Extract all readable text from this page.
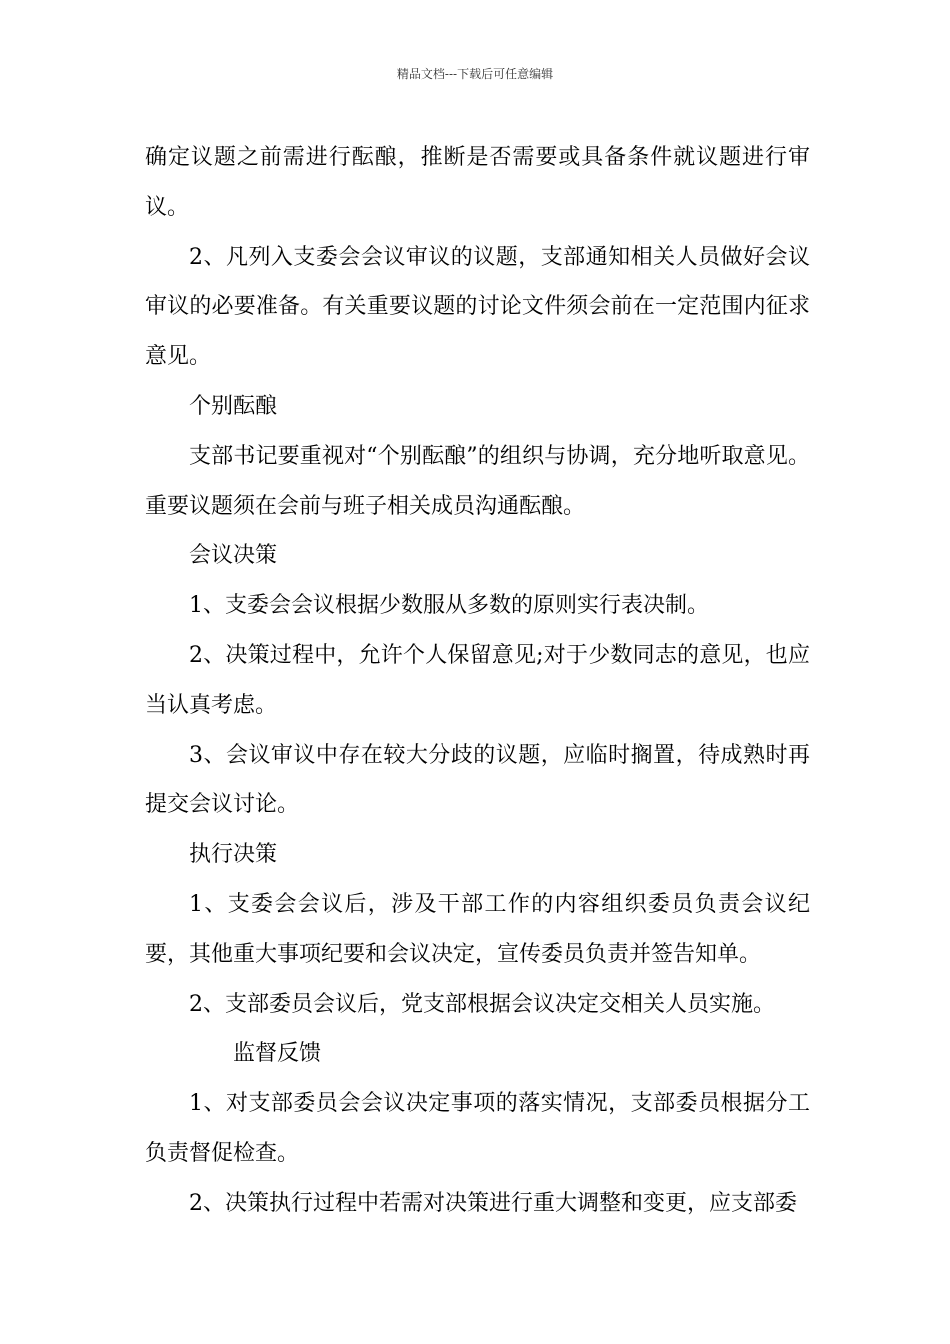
精品文档---下载后可任意编辑

确定议题之前需进行酝酿，推断是否需要或具备条件就议题进行审议。

2、凡列入支委会会议审议的议题，支部通知相关人员做好会议审议的必要准备。有关重要议题的讨论文件须会前在一定范围内征求意见。

个别酝酿

支部书记要重视对“个别酝酿”的组织与协调，充分地听取意见。重要议题须在会前与班子相关成员沟通酝酿。

会议决策

1、支委会会议根据少数服从多数的原则实行表决制。

2、决策过程中，允许个人保留意见;对于少数同志的意见，也应当认真考虑。

3、会议审议中存在较大分歧的议题，应临时搁置，待成熟时再提交会议讨论。

执行决策

1、支委会会议后，涉及干部工作的内容组织委员负责会议纪要，其他重大事项纪要和会议决定，宣传委员负责并签告知单。

2、支部委员会议后，党支部根据会议决定交相关人员实施。

监督反馈

1、对支部委员会会议决定事项的落实情况，支部委员根据分工负责督促检查。

2、决策执行过程中若需对决策进行重大调整和变更，应支部委
